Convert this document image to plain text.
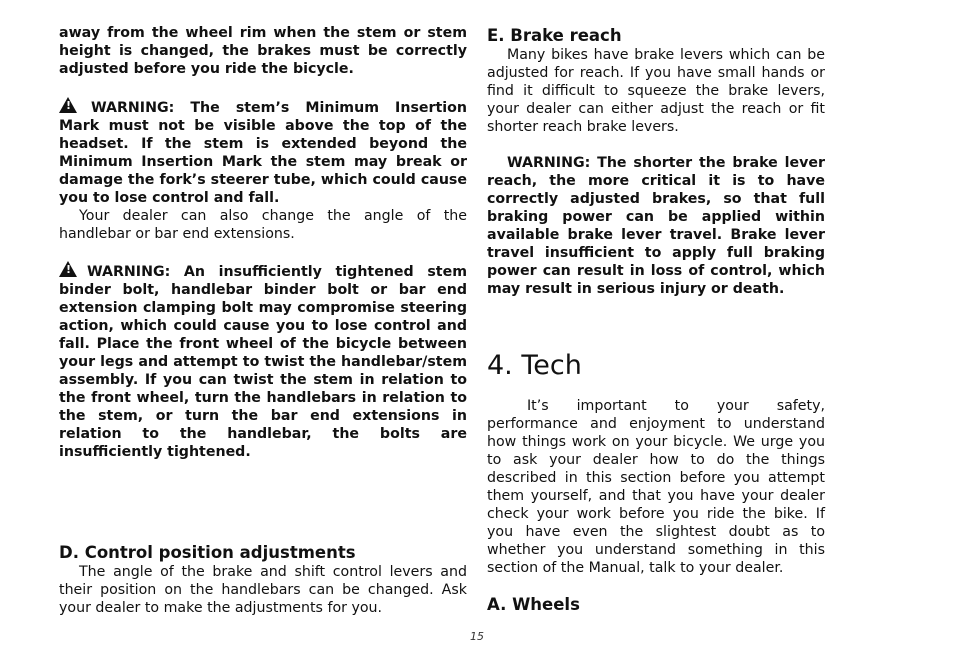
away from the wheel rim when the stem or stem height is changed, the brakes must be correctly adjusted before you ride the bicycle.

!WARNING: The stem’s Minimum Insertion Mark must not be visible above the top of the headset. If the stem is extended beyond the Minimum Insertion Mark the stem may break or damage the fork’s steerer tube, which could cause you to lose control and fall.

Your dealer can also change the angle of the handlebar or bar end extensions.

!WARNING: An insufficiently tightened stem binder bolt, handlebar binder bolt or bar end extension clamping bolt may compromise steering action, which could cause you to lose control and fall. Place the front wheel of the bicycle between your legs and attempt to twist the handlebar/stem assembly. If you can twist the stem in relation to the front wheel, turn the handlebars in relation to the stem, or turn the bar end extensions in relation to the handlebar, the bolts are insufficiently tightened.

D. Control position adjustments

The angle of the brake and shift control levers and their position on the handlebars can be changed. Ask your dealer to make the adjustments for you.

E. Brake reach

Many bikes have brake levers which can be adjusted for reach. If you have small hands or find it difficult to squeeze the brake levers, your dealer can either adjust the reach or fit shorter reach brake levers.

WARNING: The shorter the brake lever reach, the more critical it is to have correctly adjusted brakes, so that full braking power can be applied within available brake lever travel. Brake lever travel insufficient to apply full braking power can result in loss of control, which may result in serious injury or death.

4. Tech

It’s important to your safety, performance and enjoyment to understand how things work on your bicycle. We urge you to ask your dealer how to do the things described in this section before you attempt them yourself, and that you have your dealer check your work before you ride the bike. If you have even the slightest doubt as to whether you understand something in this section of the Manual, talk to your dealer.

A. Wheels
15
